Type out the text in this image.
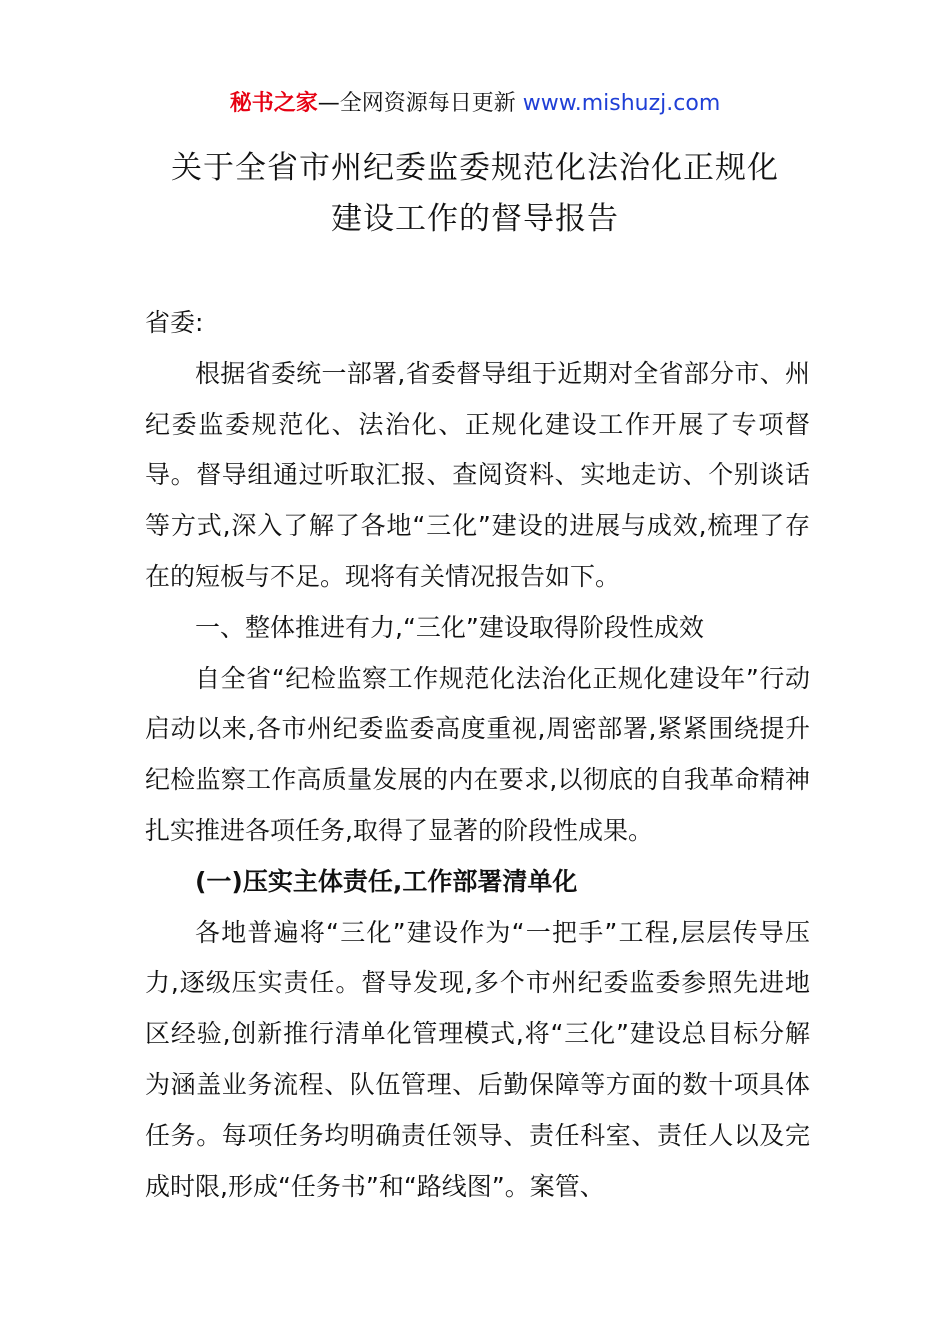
秘书之家—全网资源每日更新 www.mishuzj.com
关于全省市州纪委监委规范化法治化正规化
建设工作的督导报告

省委:

根据省委统一部署,省委督导组于近期对全省部分市、州纪委监委规范化、法治化、正规化建设工作开展了专项督导。督导组通过听取汇报、查阅资料、实地走访、个别谈话等方式,深入了解了各地“三化”建设的进展与成效,梳理了存在的短板与不足。现将有关情况报告如下。

一、整体推进有力,“三化”建设取得阶段性成效

自全省“纪检监察工作规范化法治化正规化建设年”行动启动以来,各市州纪委监委高度重视,周密部署,紧紧围绕提升纪检监察工作高质量发展的内在要求,以彻底的自我革命精神扎实推进各项任务,取得了显著的阶段性成果。

(一)压实主体责任,工作部署清单化

各地普遍将“三化”建设作为“一把手”工程,层层传导压力,逐级压实责任。督导发现,多个市州纪委监委参照先进地区经验,创新推行清单化管理模式,将“三化”建设总目标分解为涵盖业务流程、队伍管理、后勤保障等方面的数十项具体任务。每项任务均明确责任领导、责任科室、责任人以及完成时限,形成“任务书”和“路线图”。案管、
